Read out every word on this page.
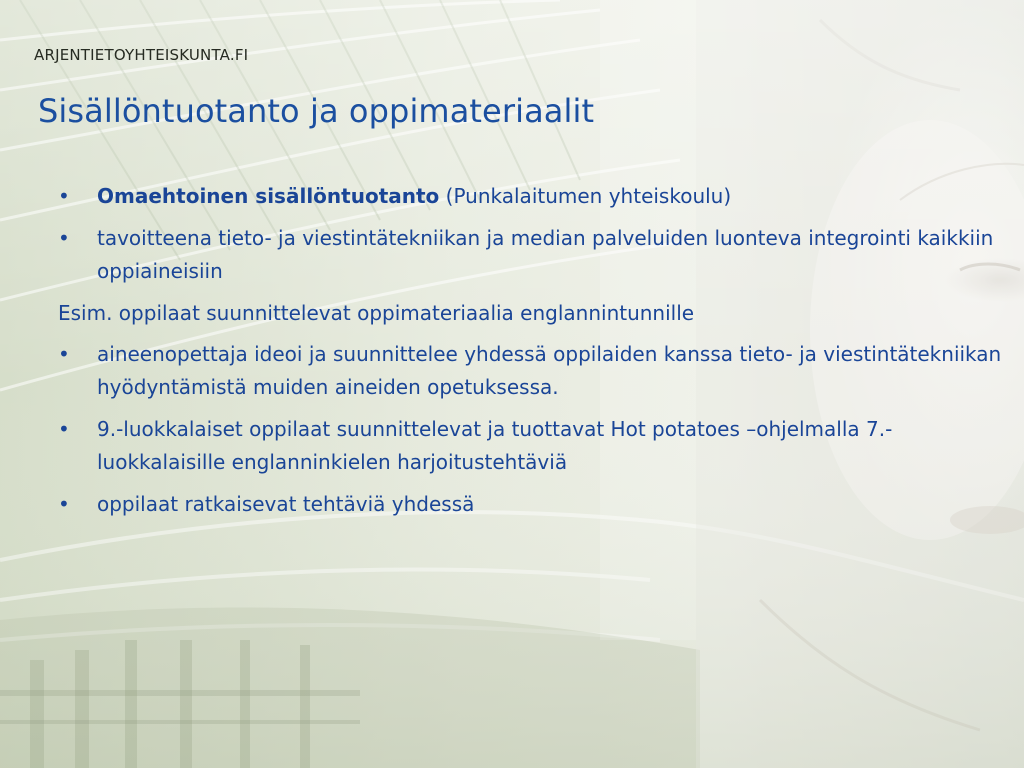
ARJENTIETOYHTEISKUNTA.FI
Sisällöntuotanto ja oppimateriaalit
• Omaehtoinen sisällöntuotanto (Punkalaitumen yhteiskoulu)
• tavoitteena tieto- ja viestintätekniikan ja median palveluiden luonteva integrointi kaikkiin oppiaineisiin

Esim. oppilaat suunnittelevat oppimateriaalia englannintunnille

• aineenopettaja ideoi ja suunnittelee yhdessä oppilaiden kanssa tieto- ja viestintätekniikan hyödyntämistä muiden aineiden opetuksessa.
• 9.-luokkalaiset oppilaat suunnittelevat ja tuottavat Hot potatoes –ohjelmalla 7.-luokkalaisille englanninkielen harjoitustehtäviä
• oppilaat ratkaisevat tehtäviä yhdessä
